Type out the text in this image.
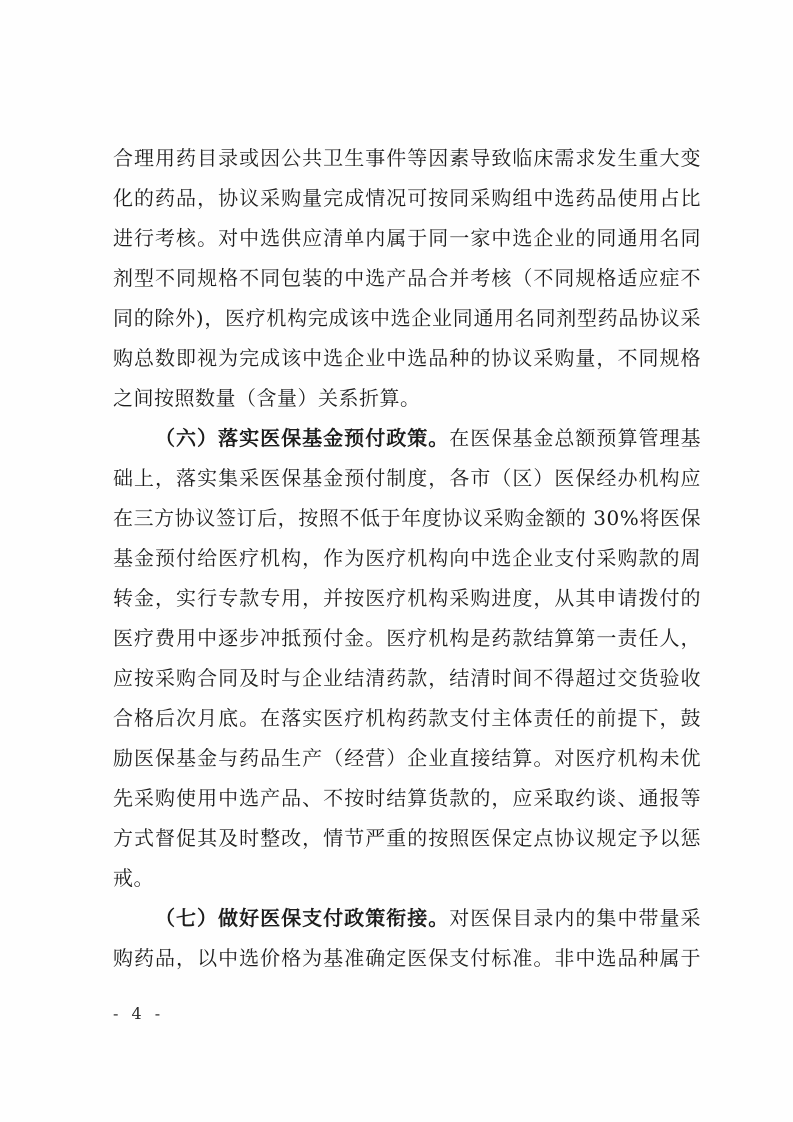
合理用药目录或因公共卫生事件等因素导致临床需求发生重大变
化的药品，协议采购量完成情况可按同采购组中选药品使用占比
进行考核。对中选供应清单内属于同一家中选企业的同通用名同
剂型不同规格不同包装的中选产品合并考核（不同规格适应症不
同的除外)，医疗机构完成该中选企业同通用名同剂型药品协议采
购总数即视为完成该中选企业中选品种的协议采购量，不同规格
之间按照数量（含量）关系折算。
（六）落实医保基金预付政策。在医保基金总额预算管理基
础上，落实集采医保基金预付制度，各市（区）医保经办机构应
在三方协议签订后，按照不低于年度协议采购金额的 30%将医保
基金预付给医疗机构，作为医疗机构向中选企业支付采购款的周
转金，实行专款专用，并按医疗机构采购进度，从其申请拨付的
医疗费用中逐步冲抵预付金。医疗机构是药款结算第一责任人，
应按采购合同及时与企业结清药款，结清时间不得超过交货验收
合格后次月底。在落实医疗机构药款支付主体责任的前提下，鼓
励医保基金与药品生产（经营）企业直接结算。对医疗机构未优
先采购使用中选产品、不按时结算货款的，应采取约谈、通报等
方式督促其及时整改，情节严重的按照医保定点协议规定予以惩
戒。
（七）做好医保支付政策衔接。对医保目录内的集中带量采
购药品，以中选价格为基准确定医保支付标准。非中选品种属于
- 4 -
